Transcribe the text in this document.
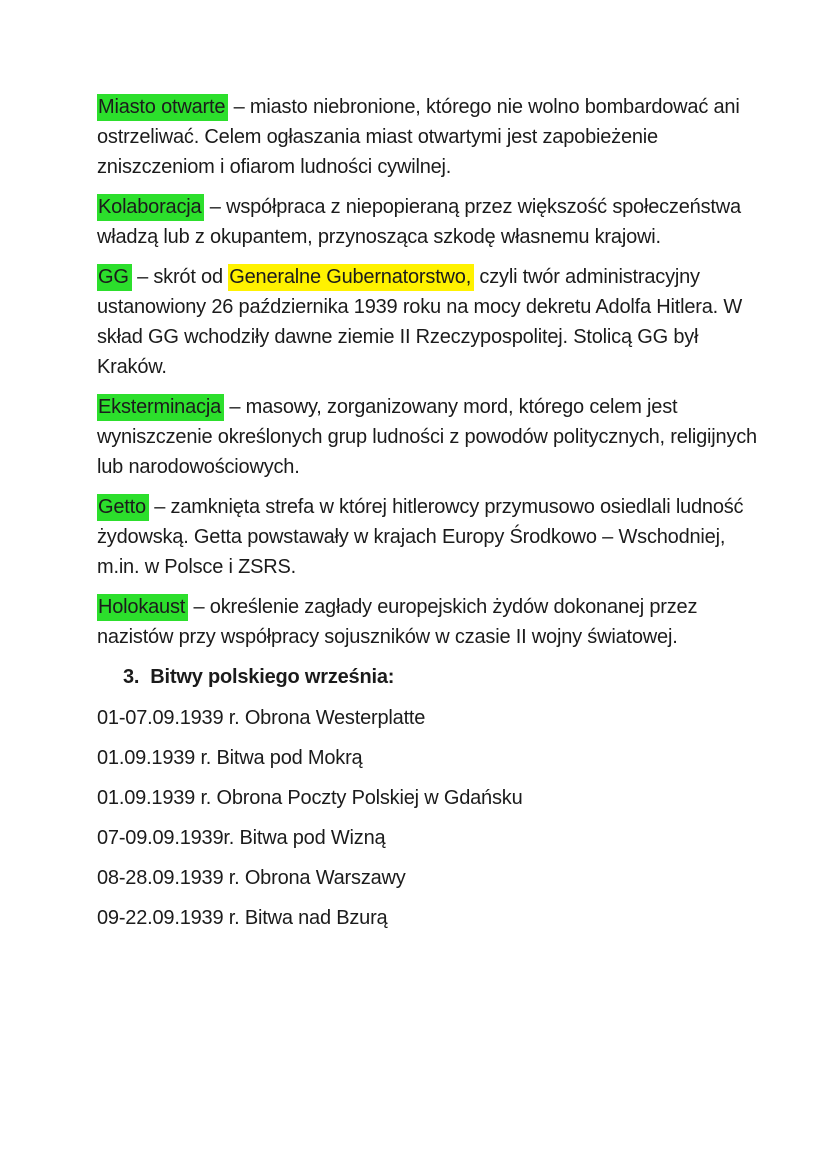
Miasto otwarte – miasto niebronione, którego nie wolno bombardować ani ostrzeliwać. Celem ogłaszania miast otwartymi jest zapobieżenie zniszczeniom i ofiarom ludności cywilnej.

Kolaboracja – współpraca z niepopieraną przez większość społeczeństwa władzą lub z okupantem, przynosząca szkodę własnemu krajowi.

GG – skrót od Generalne Gubernatorstwo, czyli twór administracyjny ustanowiony 26 października 1939 roku na mocy dekretu Adolfa Hitlera. W skład GG wchodziły dawne ziemie II Rzeczypospolitej. Stolicą GG był Kraków.

Eksterminacja – masowy, zorganizowany mord, którego celem jest wyniszczenie określonych grup ludności z powodów politycznych, religijnych lub narodowościowych.

Getto – zamknięta strefa w której hitlerowcy przymusowo osiedlali ludność żydowską. Getta powstawały w krajach Europy Środkowo – Wschodniej, m.in. w Polsce i ZSRS.

Holokaust – określenie zagłady europejskich żydów dokonanej przez nazistów przy współpracy sojuszników w czasie II wojny światowej.

3. Bitwy polskiego września:

01-07.09.1939 r. Obrona Westerplatte

01.09.1939 r. Bitwa pod Mokrą

01.09.1939 r. Obrona Poczty Polskiej w Gdańsku

07-09.09.1939r. Bitwa pod Wizną

08-28.09.1939 r. Obrona Warszawy

09-22.09.1939 r. Bitwa nad Bzurą
